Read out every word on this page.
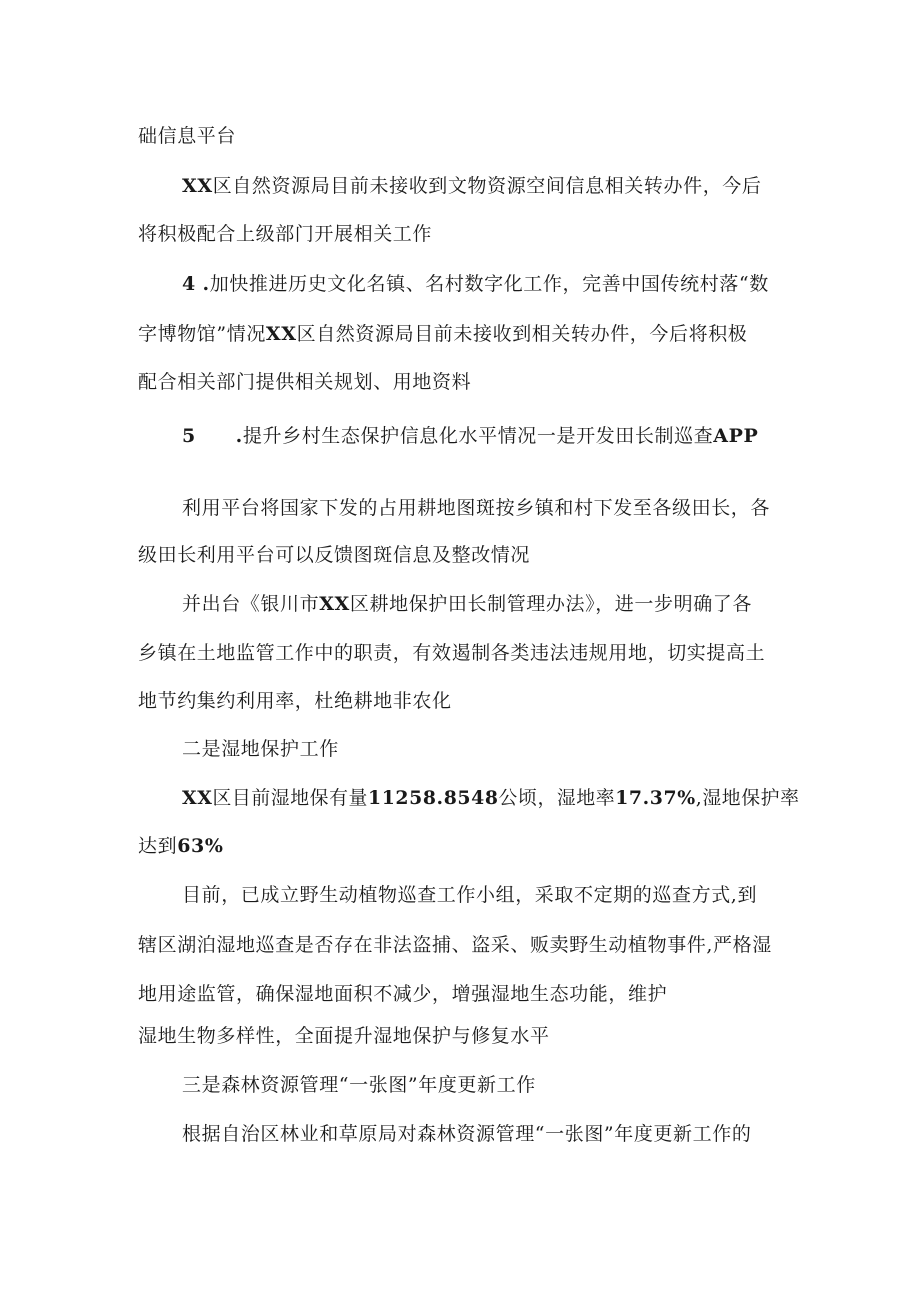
础信息平台
XX区自然资源局目前未接收到文物资源空间信息相关转办件，今后
将积极配合上级部门开展相关工作
4 .加快推进历史文化名镇、名村数字化工作，完善中国传统村落“数
字博物馆”情况XX区自然资源局目前未接收到相关转办件，今后将积极
配合相关部门提供相关规划、用地资料
5 .提升乡村生态保护信息化水平情况一是开发田长制巡查APP
利用平台将国家下发的占用耕地图斑按乡镇和村下发至各级田长，各
级田长利用平台可以反馈图斑信息及整改情况
并出台《银川市XX区耕地保护田长制管理办法》，进一步明确了各
乡镇在土地监管工作中的职责，有效遏制各类违法违规用地，切实提高土
地节约集约利用率，杜绝耕地非农化
二是湿地保护工作
XX区目前湿地保有量11258.8548公顷，湿地率17.37%,湿地保护率
达到63%
目前，已成立野生动植物巡查工作小组，采取不定期的巡查方式,到
辖区湖泊湿地巡查是否存在非法盗捕、盗采、贩卖野生动植物事件,严格湿
地用途监管，确保湿地面积不减少，增强湿地生态功能，维护
湿地生物多样性，全面提升湿地保护与修复水平
三是森林资源管理“一张图”年度更新工作
根据自治区林业和草原局对森林资源管理“一张图”年度更新工作的
